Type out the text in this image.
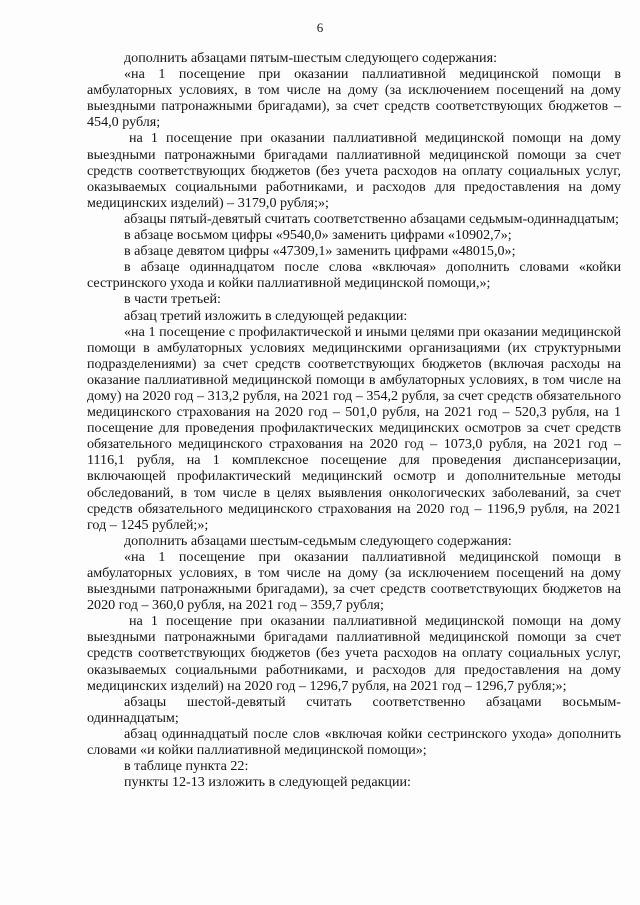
6

дополнить абзацами пятым-шестым следующего содержания:

«на 1 посещение при оказании паллиативной медицинской помощи в амбулаторных условиях, в том числе на дому (за исключением посещений на дому выездными патронажными бригадами), за счет средств соответствующих бюджетов – 454,0 рубля;

на 1 посещение при оказании паллиативной медицинской помощи на дому выездными патронажными бригадами паллиативной медицинской помощи за счет средств соответствующих бюджетов (без учета расходов на оплату социальных услуг, оказываемых социальными работниками, и расходов для предоставления на дому медицинских изделий) – 3179,0 рубля;»;

абзацы пятый-девятый считать соответственно абзацами седьмым-одиннадцатым;

в абзаце восьмом цифры «9540,0» заменить цифрами «10902,7»;

в абзаце девятом цифры «47309,1» заменить цифрами «48015,0»;

в абзаце одиннадцатом после слова «включая» дополнить словами «койки сестринского ухода и койки паллиативной медицинской помощи,»;

в части третьей:

абзац третий изложить в следующей редакции:

«на 1 посещение с профилактической и иными целями при оказании медицинской помощи в амбулаторных условиях медицинскими организациями (их структурными подразделениями) за счет средств соответствующих бюджетов (включая расходы на оказание паллиативной медицинской помощи в амбулаторных условиях, в том числе на дому) на 2020 год – 313,2 рубля, на 2021 год – 354,2 рубля, за счет средств обязательного медицинского страхования на 2020 год – 501,0 рубля, на 2021 год – 520,3 рубля, на 1 посещение для проведения профилактических медицинских осмотров за счет средств обязательного медицинского страхования на 2020 год – 1073,0 рубля, на 2021 год – 1116,1 рубля, на 1 комплексное посещение для проведения диспансеризации, включающей профилактический медицинский осмотр и дополнительные методы обследований, в том числе в целях выявления онкологических заболеваний, за счет средств обязательного медицинского страхования на 2020 год – 1196,9 рубля, на 2021 год – 1245 рублей;»;

дополнить абзацами шестым-седьмым следующего содержания:

«на 1 посещение при оказании паллиативной медицинской помощи в амбулаторных условиях, в том числе на дому (за исключением посещений на дому выездными патронажными бригадами), за счет средств соответствующих бюджетов на 2020 год – 360,0 рубля, на 2021 год – 359,7 рубля;

на 1 посещение при оказании паллиативной медицинской помощи на дому выездными патронажными бригадами паллиативной медицинской помощи за счет средств соответствующих бюджетов (без учета расходов на оплату социальных услуг, оказываемых социальными работниками, и расходов для предоставления на дому медицинских изделий) на 2020 год – 1296,7 рубля, на 2021 год – 1296,7 рубля;»;

абзацы шестой-девятый считать соответственно абзацами восьмым-одиннадцатым;

абзац одиннадцатый после слов «включая койки сестринского ухода» дополнить словами «и койки паллиативной медицинской помощи»;

в таблице пункта 22:

пункты 12-13 изложить в следующей редакции:
